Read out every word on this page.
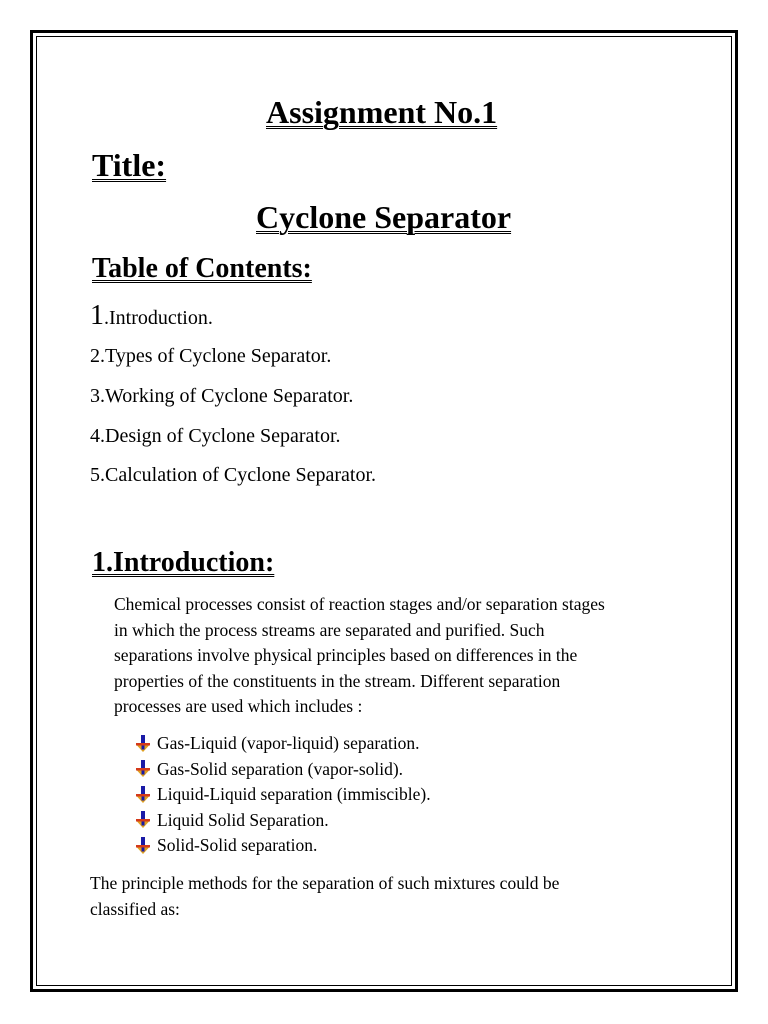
Assignment No.1
Title:
Cyclone Separator
Table of Contents:
1.Introduction.
2.Types of Cyclone Separator.
3.Working of Cyclone Separator.
4.Design of Cyclone Separator.
5.Calculation of Cyclone Separator.
1.Introduction:
Chemical processes consist of reaction stages and/or separation stages
in which the process streams are separated and purified. Such
separations involve physical principles based on differences in the
properties of the constituents in the stream. Different separation
processes are used which includes :
Gas-Liquid (vapor-liquid) separation.
Gas-Solid separation (vapor-solid).
Liquid-Liquid separation (immiscible).
Liquid Solid Separation.
Solid-Solid separation.
The principle methods for the separation of such mixtures could be
classified as:
